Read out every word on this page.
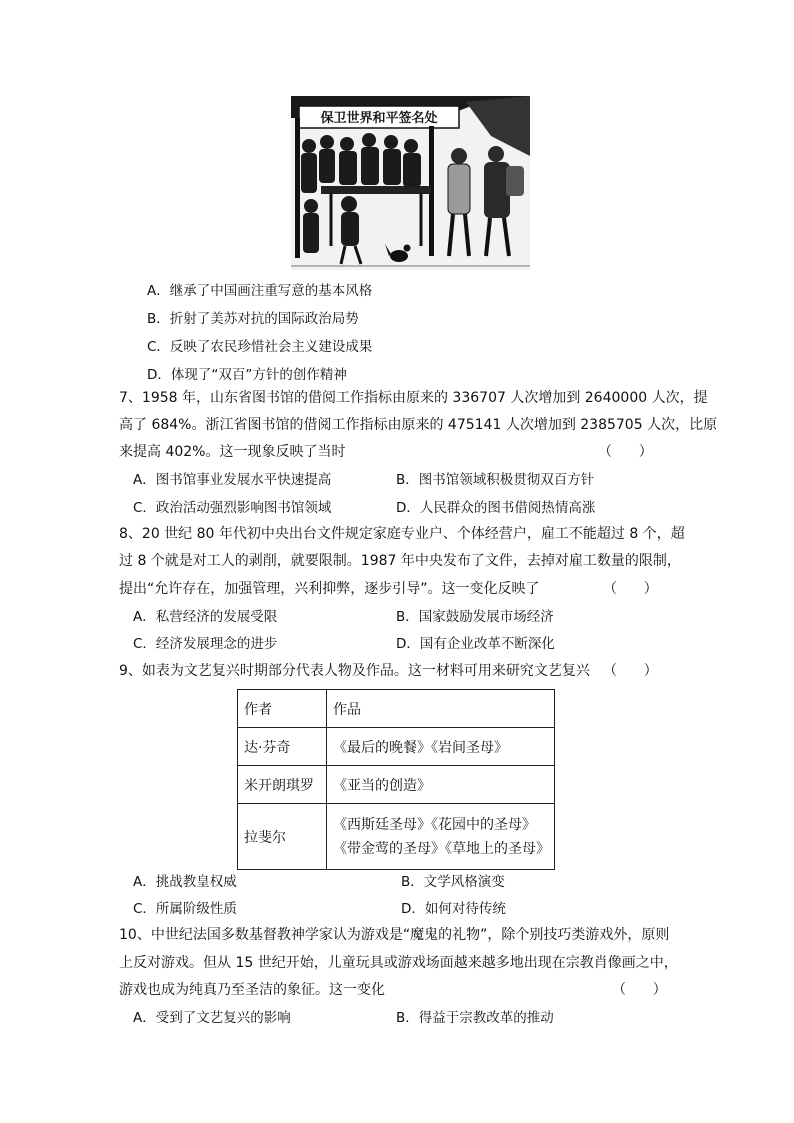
保卫世界和平签名处
A．继承了中国画注重写意的基本风格
B．折射了美苏对抗的国际政治局势
C．反映了农民珍惜社会主义建设成果
D．体现了“双百”方针的创作精神
7、1958 年，山东省图书馆的借阅工作指标由原来的 336707 人次增加到 2640000 人次，提
高了 684%。浙江省图书馆的借阅工作指标由原来的 475141 人次增加到 2385705 人次，比原
来提高 402%。这一现象反映了当时	（      ）
A．图书馆事业发展水平快速提高	B．图书馆领域积极贯彻双百方针
C．政治活动强烈影响图书馆领域	D．人民群众的图书借阅热情高涨
8、20 世纪 80 年代初中央出台文件规定家庭专业户、个体经营户，雇工不能超过 8 个，超
过 8 个就是对工人的剥削，就要限制。1987 年中央发布了文件，去掉对雇工数量的限制，
提出“允许存在，加强管理，兴利抑弊，逐步引导”。这一变化反映了	（      ）
A．私营经济的发展受限	B．国家鼓励发展市场经济
C．经济发展理念的进步	D．国有企业改革不断深化
9、如表为文艺复兴时期部分代表人物及作品。这一材料可用来研究文艺复兴 （      ）
作者	作品
达·芬奇	《最后的晚餐》《岩间圣母》
米开朗琪罗	《亚当的创造》
拉斐尔	《西斯廷圣母》《花园中的圣母》
《带金莺的圣母》《草地上的圣母》
A．挑战教皇权威	B．文学风格演变
C．所属阶级性质	D．如何对待传统
10、中世纪法国多数基督教神学家认为游戏是“魔鬼的礼物”，除个别技巧类游戏外，原则
上反对游戏。但从 15 世纪开始，儿童玩具或游戏场面越来越多地出现在宗教肖像画之中，
游戏也成为纯真乃至圣洁的象征。这一变化	（      ）
A．受到了文艺复兴的影响	B．得益于宗教改革的推动
